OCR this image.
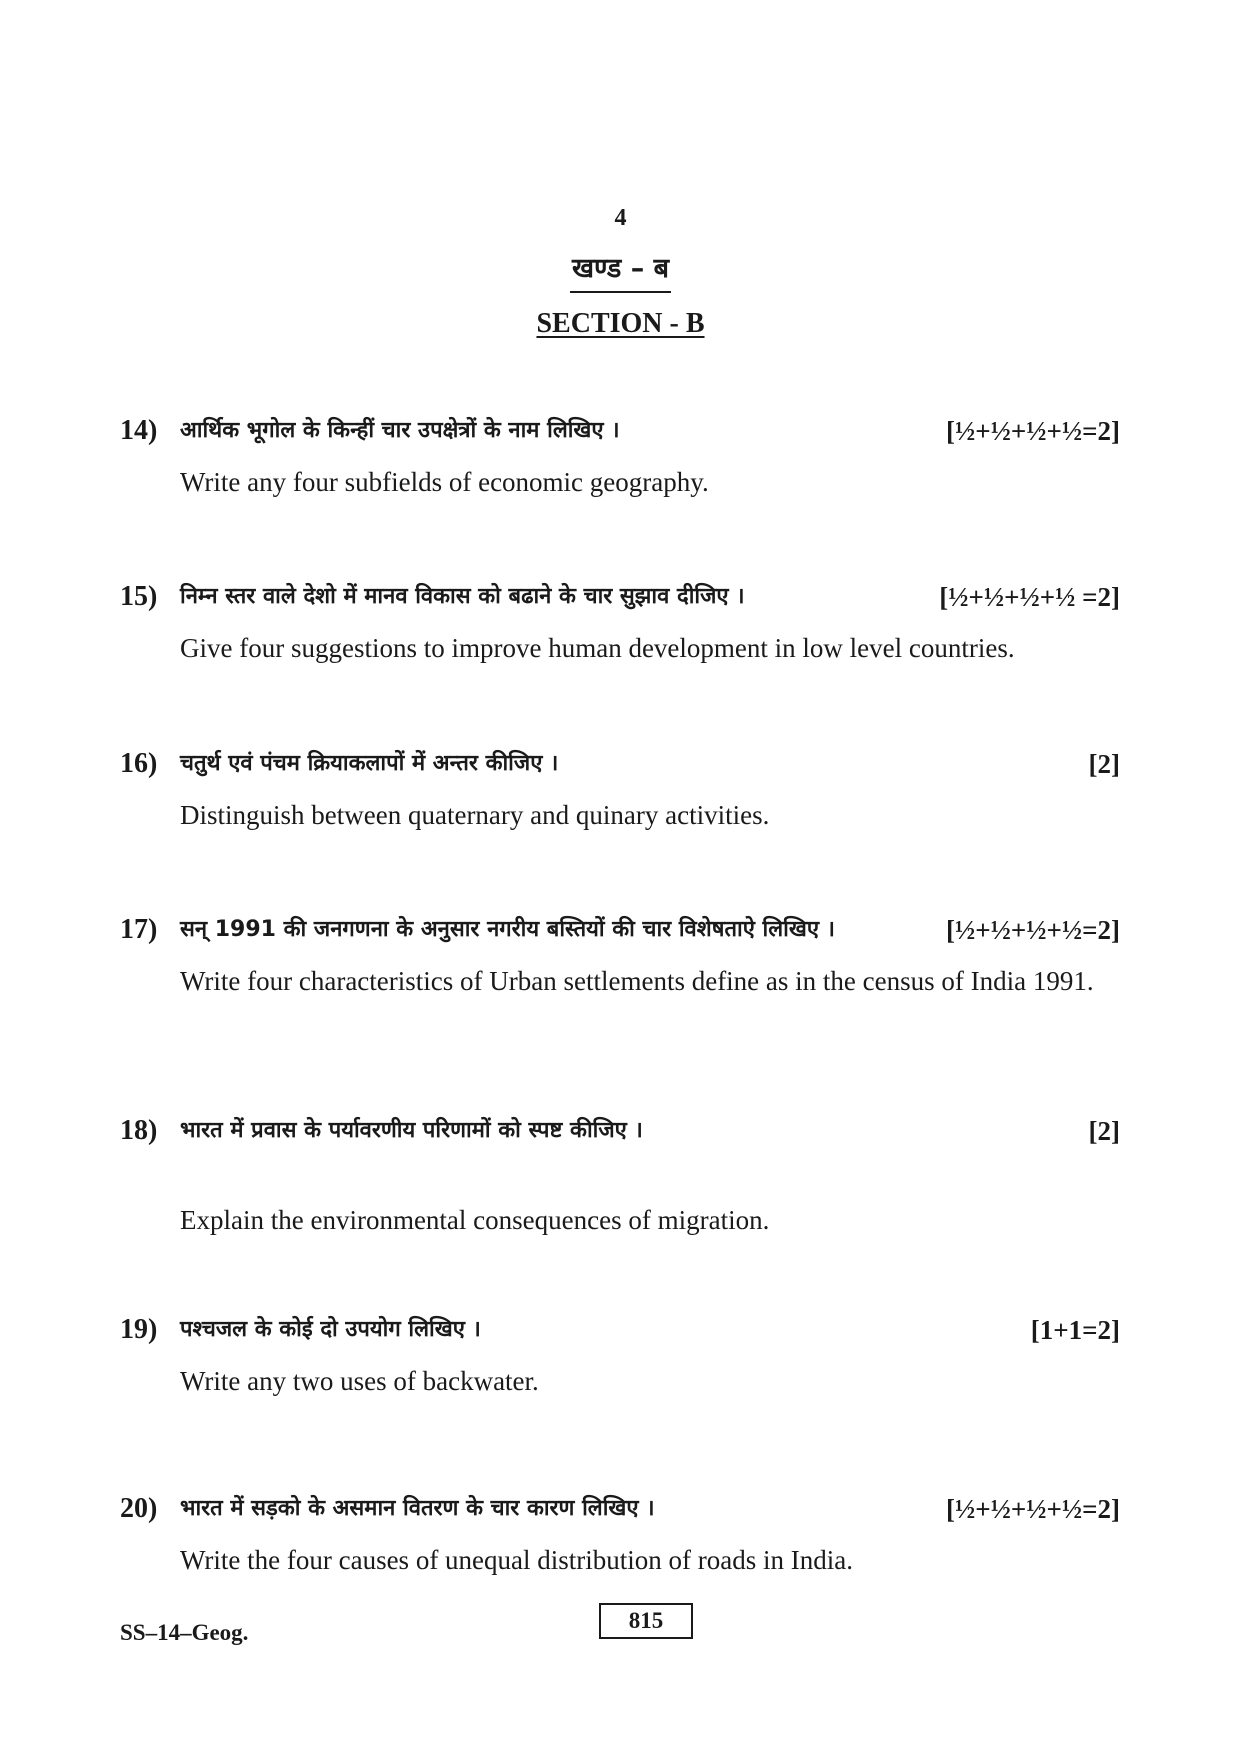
4
खण्ड – ब
SECTION - B
14) आर्थिक भूगोल के किन्हीं चार उपक्षेत्रों के नाम लिखिए ।	[½+½+½+½=2]
Write any four subfields of economic geography.
15) निम्न स्तर वाले देशो में मानव विकास को बढाने के चार सुझाव दीजिए ।	[½+½+½+½ =2]
Give four suggestions to improve human development in low level countries.
16) चतुर्थ एवं पंचम क्रियाकलापों में अन्तर कीजिए ।	[2]
Distinguish between quaternary and quinary activities.
17) सन् 1991 की जनगणना के अनुसार नगरीय बस्तियों की चार विशेषताऐ लिखिए ।	[½+½+½+½=2]
Write four characteristics of Urban settlements define as in the census of India 1991.
18) भारत में प्रवास के पर्यावरणीय परिणामों को स्पष्ट कीजिए ।	[2]
Explain the environmental consequences of migration.
19) पश्चजल के कोई दो उपयोग लिखिए ।	[1+1=2]
Write any two uses of backwater.
20) भारत में सड़को के असमान वितरण के चार कारण लिखिए ।	[½+½+½+½=2]
Write the four causes of unequal distribution of roads in India.
SS–14–Geog.	815
